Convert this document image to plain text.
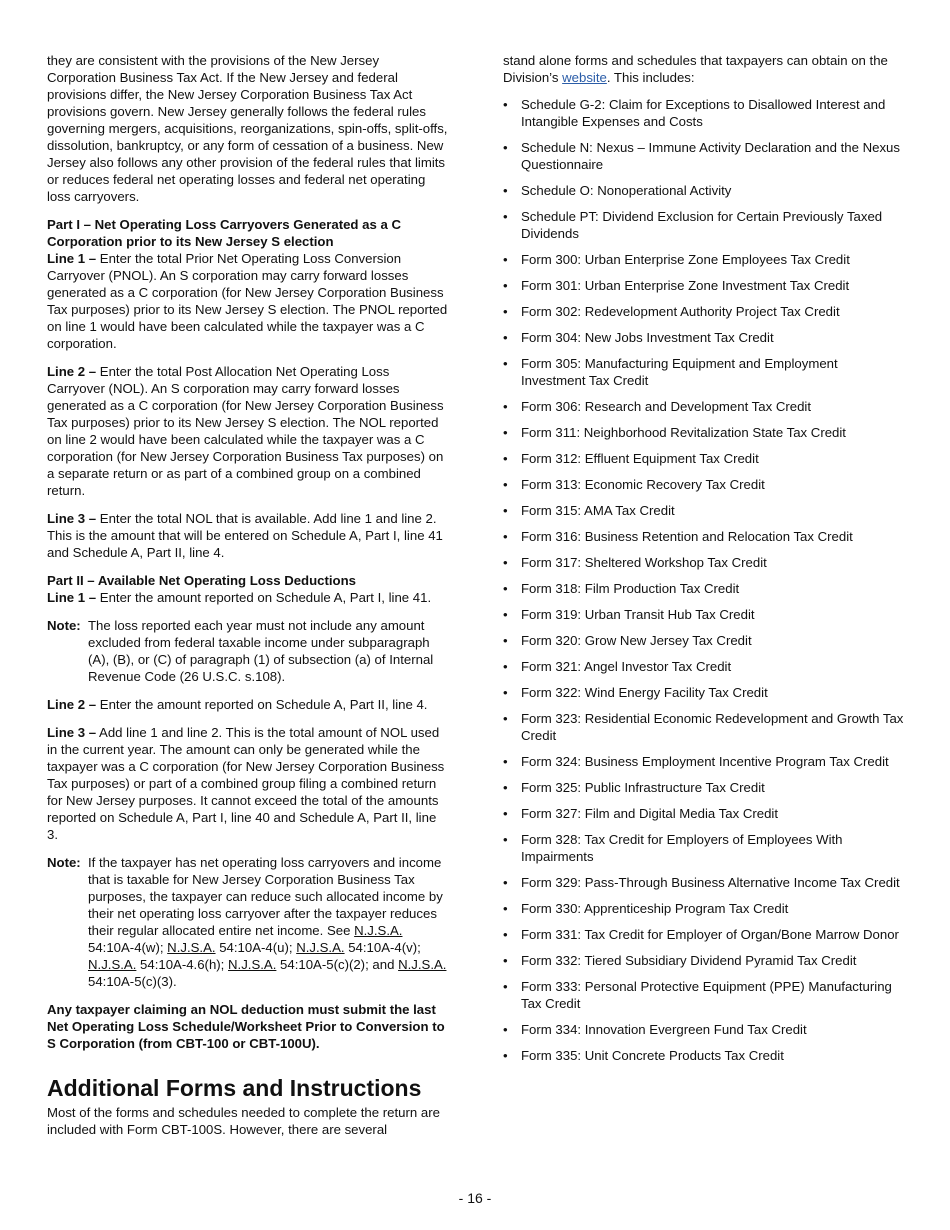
they are consistent with the provisions of the New Jersey Corporation Business Tax Act. If the New Jersey and federal provisions differ, the New Jersey Corporation Business Tax Act provisions govern. New Jersey generally follows the federal rules governing mergers, acquisitions, reorganizations, spin-offs, split-offs, dissolution, bankruptcy, or any form of cessation of a business. New Jersey also follows any other provision of the federal rules that limits or reduces federal net operating losses and federal net operating loss carryovers.

Part I – Net Operating Loss Carryovers Generated as a C Corporation prior to its New Jersey S election

Line 1 – Enter the total Prior Net Operating Loss Conversion Carryover (PNOL). An S corporation may carry forward losses generated as a C corporation (for New Jersey Corporation Business Tax purposes) prior to its New Jersey S election. The PNOL reported on line 1 would have been calculated while the taxpayer was a C corporation.

Line 2 – Enter the total Post Allocation Net Operating Loss Carryover (NOL). An S corporation may carry forward losses generated as a C corporation (for New Jersey Corporation Business Tax purposes) prior to its New Jersey S election. The NOL reported on line 2 would have been calculated while the taxpayer was a C corporation (for New Jersey Corporation Business Tax purposes) on a separate return or as part of a combined group on a combined return.

Line 3 – Enter the total NOL that is available. Add line 1 and line 2. This is the amount that will be entered on Schedule A, Part I, line 41 and Schedule A, Part II, line 4.

Part II – Available Net Operating Loss Deductions

Line 1 – Enter the amount reported on Schedule A, Part I, line 41.

Note: The loss reported each year must not include any amount excluded from federal taxable income under subparagraph (A), (B), or (C) of paragraph (1) of subsection (a) of Internal Revenue Code (26 U.S.C. s.108).

Line 2 – Enter the amount reported on Schedule A, Part II, line 4.

Line 3 – Add line 1 and line 2. This is the total amount of NOL used in the current year. The amount can only be generated while the taxpayer was a C corporation (for New Jersey Corporation Business Tax purposes) or part of a combined group filing a combined return for New Jersey purposes. It cannot exceed the total of the amounts reported on Schedule A, Part I, line 40 and Schedule A, Part II, line 3.

Note: If the taxpayer has net operating loss carryovers and income that is taxable for New Jersey Corporation Business Tax purposes, the taxpayer can reduce such allocated income by their net operating loss carryover after the taxpayer reduces their regular allocated entire net income. See N.J.S.A. 54:10A-4(w); N.J.S.A. 54:10A-4(u); N.J.S.A. 54:10A-4(v); N.J.S.A. 54:10A-4.6(h); N.J.S.A. 54:10A-5(c)(2); and N.J.S.A. 54:10A-5(c)(3).

Any taxpayer claiming an NOL deduction must submit the last Net Operating Loss Schedule/Worksheet Prior to Conversion to S Corporation (from CBT-100 or CBT-100U).

Additional Forms and Instructions

Most of the forms and schedules needed to complete the return are included with Form CBT-100S. However, there are several

stand alone forms and schedules that taxpayers can obtain on the Division’s website. This includes:

• Schedule G-2: Claim for Exceptions to Disallowed Interest and Intangible Expenses and Costs
• Schedule N: Nexus – Immune Activity Declaration and the Nexus Questionnaire
• Schedule O: Nonoperational Activity
• Schedule PT: Dividend Exclusion for Certain Previously Taxed Dividends
• Form 300: Urban Enterprise Zone Employees Tax Credit
• Form 301: Urban Enterprise Zone Investment Tax Credit
• Form 302: Redevelopment Authority Project Tax Credit
• Form 304: New Jobs Investment Tax Credit
• Form 305: Manufacturing Equipment and Employment Investment Tax Credit
• Form 306: Research and Development Tax Credit
• Form 311: Neighborhood Revitalization State Tax Credit
• Form 312: Effluent Equipment Tax Credit
• Form 313: Economic Recovery Tax Credit
• Form 315: AMA Tax Credit
• Form 316: Business Retention and Relocation Tax Credit
• Form 317: Sheltered Workshop Tax Credit
• Form 318: Film Production Tax Credit
• Form 319: Urban Transit Hub Tax Credit
• Form 320: Grow New Jersey Tax Credit
• Form 321: Angel Investor Tax Credit
• Form 322: Wind Energy Facility Tax Credit
• Form 323: Residential Economic Redevelopment and Growth Tax Credit
• Form 324: Business Employment Incentive Program Tax Credit
• Form 325: Public Infrastructure Tax Credit
• Form 327: Film and Digital Media Tax Credit
• Form 328: Tax Credit for Employers of Employees With Impairments
• Form 329: Pass-Through Business Alternative Income Tax Credit
• Form 330: Apprenticeship Program Tax Credit
• Form 331: Tax Credit for Employer of Organ/Bone Marrow Donor
• Form 332: Tiered Subsidiary Dividend Pyramid Tax Credit
• Form 333: Personal Protective Equipment (PPE) Manufacturing Tax Credit
• Form 334: Innovation Evergreen Fund Tax Credit
• Form 335: Unit Concrete Products Tax Credit
- 16 -
